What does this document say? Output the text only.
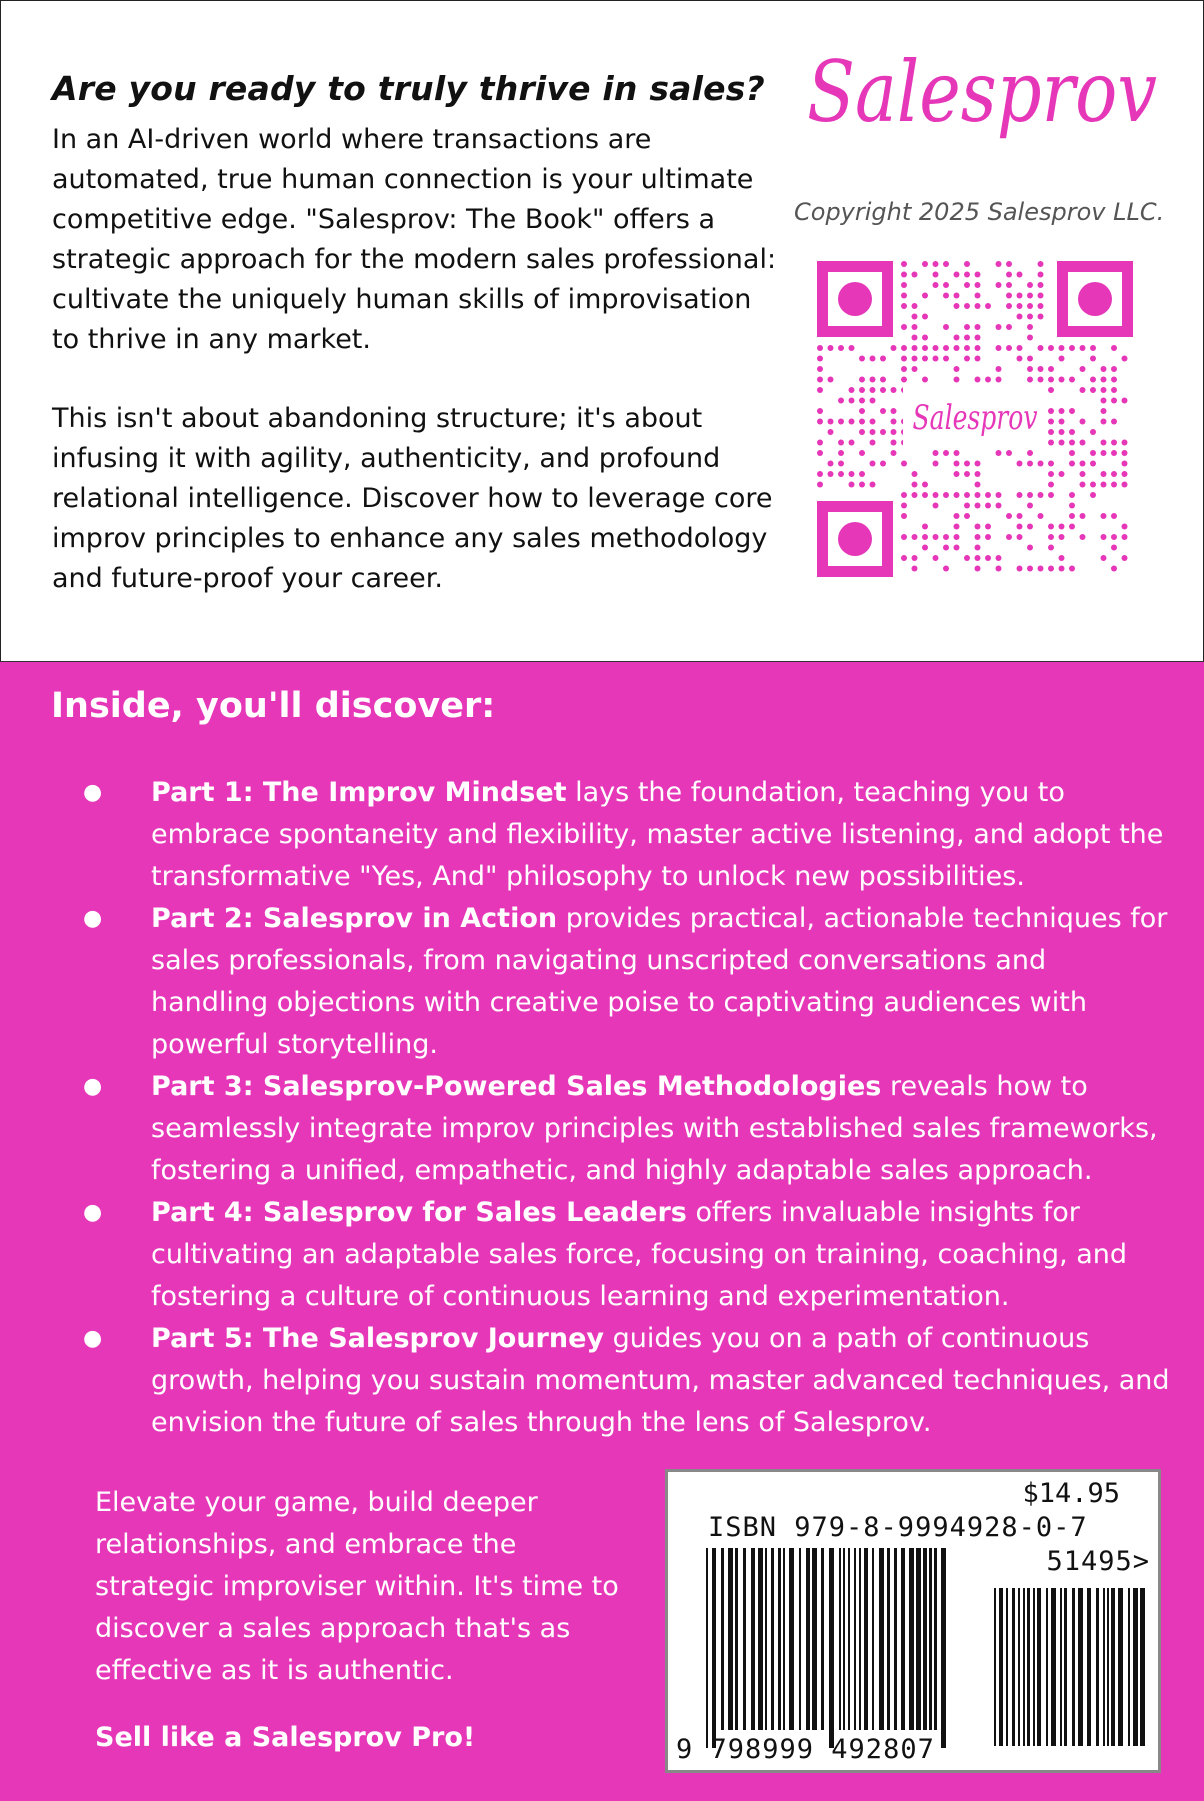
Are you ready to truly thrive in sales?

In an AI-driven world where transactions are automated, true human connection is your ultimate competitive edge. "Salesprov: The Book" offers a strategic approach for the modern sales professional: cultivate the uniquely human skills of improvisation to thrive in any market.

This isn't about abandoning structure; it's about infusing it with agility, authenticity, and profound relational intelligence. Discover how to leverage core improv principles to enhance any sales methodology and future-proof your career.

Salesprov

Copyright 2025 Salesprov LLC.

Salesprov
Inside, you'll discover:
● Part 1: The Improv Mindset lays the foundation, teaching you to embrace spontaneity and flexibility, master active listening, and adopt the transformative "Yes, And" philosophy to unlock new possibilities.
● Part 2: Salesprov in Action provides practical, actionable techniques for sales professionals, from navigating unscripted conversations and handling objections with creative poise to captivating audiences with powerful storytelling.
● Part 3: Salesprov-Powered Sales Methodologies reveals how to seamlessly integrate improv principles with established sales frameworks, fostering a unified, empathetic, and highly adaptable sales approach.
● Part 4: Salesprov for Sales Leaders offers invaluable insights for cultivating an adaptable sales force, focusing on training, coaching, and fostering a culture of continuous learning and experimentation.
● Part 5: The Salesprov Journey guides you on a path of continuous growth, helping you sustain momentum, master advanced techniques, and envision the future of sales through the lens of Salesprov.

Elevate your game, build deeper relationships, and embrace the strategic improviser within. It's time to discover a sales approach that's as effective as it is authentic.

Sell like a Salesprov Pro!

$14.95
ISBN 979-8-9994928-0-7
51495>
9 798999 492807
